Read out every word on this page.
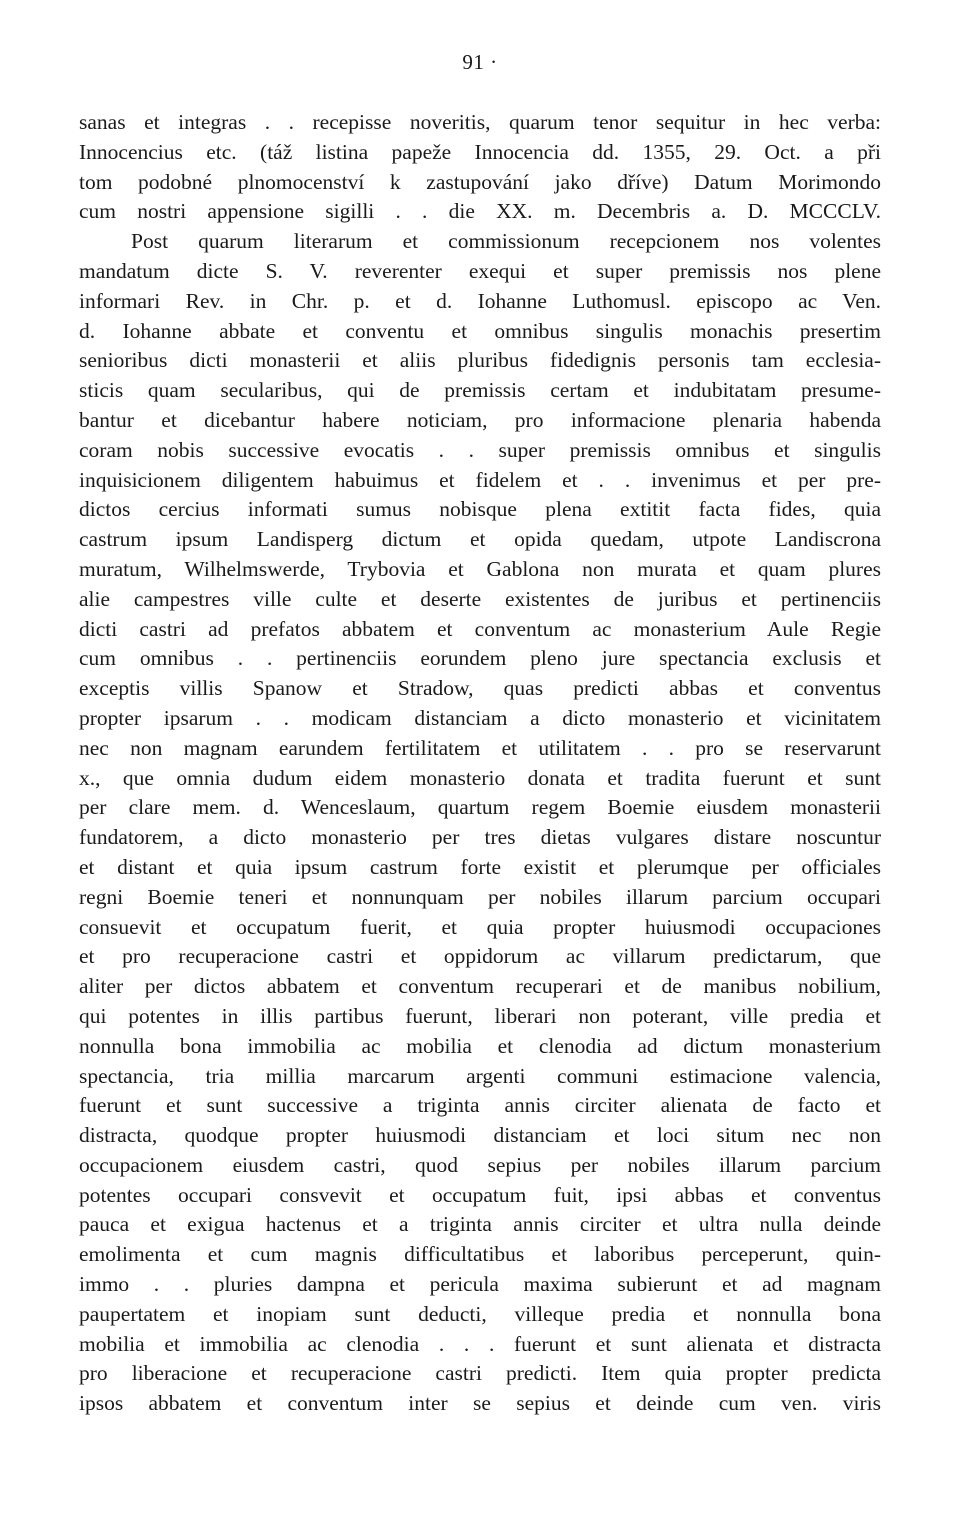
91 ·
sanas et integras . . recepisse noveritis, quarum tenor sequitur in hec verba:
Innocencius etc. (táž listina papeže Innocencia dd. 1355, 29. Oct. a při
tom podobné plnomocenství k zastupování jako dříve) Datum Morimondo
cum nostri appensione sigilli . . die XX. m. Decembris a. D. MCCCLV.
Post quarum literarum et commissionum recepcionem nos volentes
mandatum dicte S. V. reverenter exequi et super premissis nos plene
informari Rev. in Chr. p. et d. Iohanne Luthomusl. episcopo ac Ven.
d. Iohanne abbate et conventu et omnibus singulis monachis presertim
senioribus dicti monasterii et aliis pluribus fidedignis personis tam ecclesia-
sticis quam secularibus, qui de premissis certam et indubitatam presume-
bantur et dicebantur habere noticiam, pro informacione plenaria habenda
coram nobis successive evocatis . . super premissis omnibus et singulis
inquisicionem diligentem habuimus et fidelem et . . invenimus et per pre-
dictos cercius informati sumus nobisque plena extitit facta fides, quia
castrum ipsum Landisperg dictum et opida quedam, utpote Landiscrona
muratum, Wilhelmswerde, Trybovia et Gablona non murata et quam plures
alie campestres ville culte et deserte existentes de juribus et pertinenciis
dicti castri ad prefatos abbatem et conventum ac monasterium Aule Regie
cum omnibus . . pertinenciis eorundem pleno jure spectancia exclusis et
exceptis villis Spanow et Stradow, quas predicti abbas et conventus
propter ipsarum . . modicam distanciam a dicto monasterio et vicinitatem
nec non magnam earundem fertilitatem et utilitatem . . pro se reservarunt
x., que omnia dudum eidem monasterio donata et tradita fuerunt et sunt
per clare mem. d. Wenceslaum, quartum regem Boemie eiusdem monasterii
fundatorem, a dicto monasterio per tres dietas vulgares distare noscuntur
et distant et quia ipsum castrum forte existit et plerumque per officiales
regni Boemie teneri et nonnunquam per nobiles illarum parcium occupari
consuevit et occupatum fuerit, et quia propter huiusmodi occupaciones
et pro recuperacione castri et oppidorum ac villarum predictarum, que
aliter per dictos abbatem et conventum recuperari et de manibus nobilium,
qui potentes in illis partibus fuerunt, liberari non poterant, ville predia et
nonnulla bona immobilia ac mobilia et clenodia ad dictum monasterium
spectancia, tria millia marcarum argenti communi estimacione valencia,
fuerunt et sunt successive a triginta annis circiter alienata de facto et
distracta, quodque propter huiusmodi distanciam et loci situm nec non
occupacionem eiusdem castri, quod sepius per nobiles illarum parcium
potentes occupari consvevit et occupatum fuit, ipsi abbas et conventus
pauca et exigua hactenus et a triginta annis circiter et ultra nulla deinde
emolimenta et cum magnis difficultatibus et laboribus perceperunt, quin-
immo . . pluries dampna et pericula maxima subierunt et ad magnam
paupertatem et inopiam sunt deducti, villeque predia et nonnulla bona
mobilia et immobilia ac clenodia . . . fuerunt et sunt alienata et distracta
pro liberacione et recuperacione castri predicti. Item quia propter predicta
ipsos abbatem et conventum inter se sepius et deinde cum ven. viris
